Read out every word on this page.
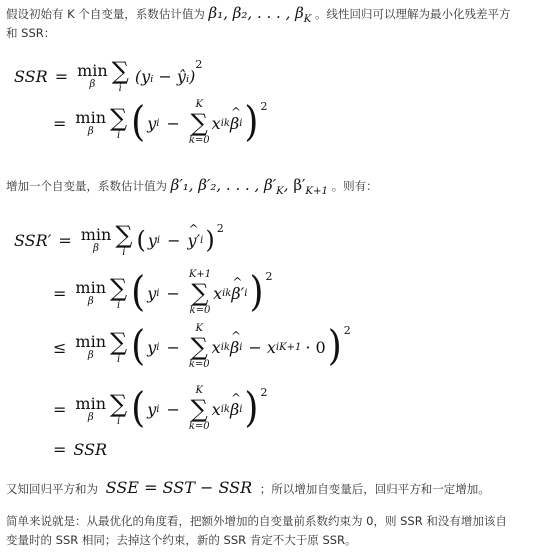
假设初始有 K 个自变量，系数估计值为 β₁, β₂, . . . , $\beta_K$ 。线性回归可以理解为最小化残差平方
和 SSR：
SSR = min
β ∑
i
(yᵢ − ŷᵢ)
2
= min
β ∑
i ( y i −
K
∑
k=0
x ik ^ β i ) 2
增加一个自变量，系数估计值为 β′₁, β′₂, . . . , $\beta'_K$, $\beta'_{K+1}$ 。则有：
SSR′ = min
β ∑
i ( y i − ^ y′ i ) 2
= min
β ∑
i ( y i −
K+1
∑
k=0
x ik ^ β′ i ) 2
≤ min
β ∑
i ( y i −
K
∑
k=0
x ik ^ β i − x iK+1 · 0 ) 2
= min
β ∑
i ( y i −
K
∑
k=0
x ik ^ β i ) 2
= SSR
又知回归平方和为 SSE = SST − SSR ；所以增加自变量后，回归平方和一定增加。
简单来说就是：从最优化的角度看，把额外增加的自变量前系数约束为 0，则 SSR 和没有增加该自
变量时的 SSR 相同；去掉这个约束，新的 SSR 肯定不大于原 SSR。
